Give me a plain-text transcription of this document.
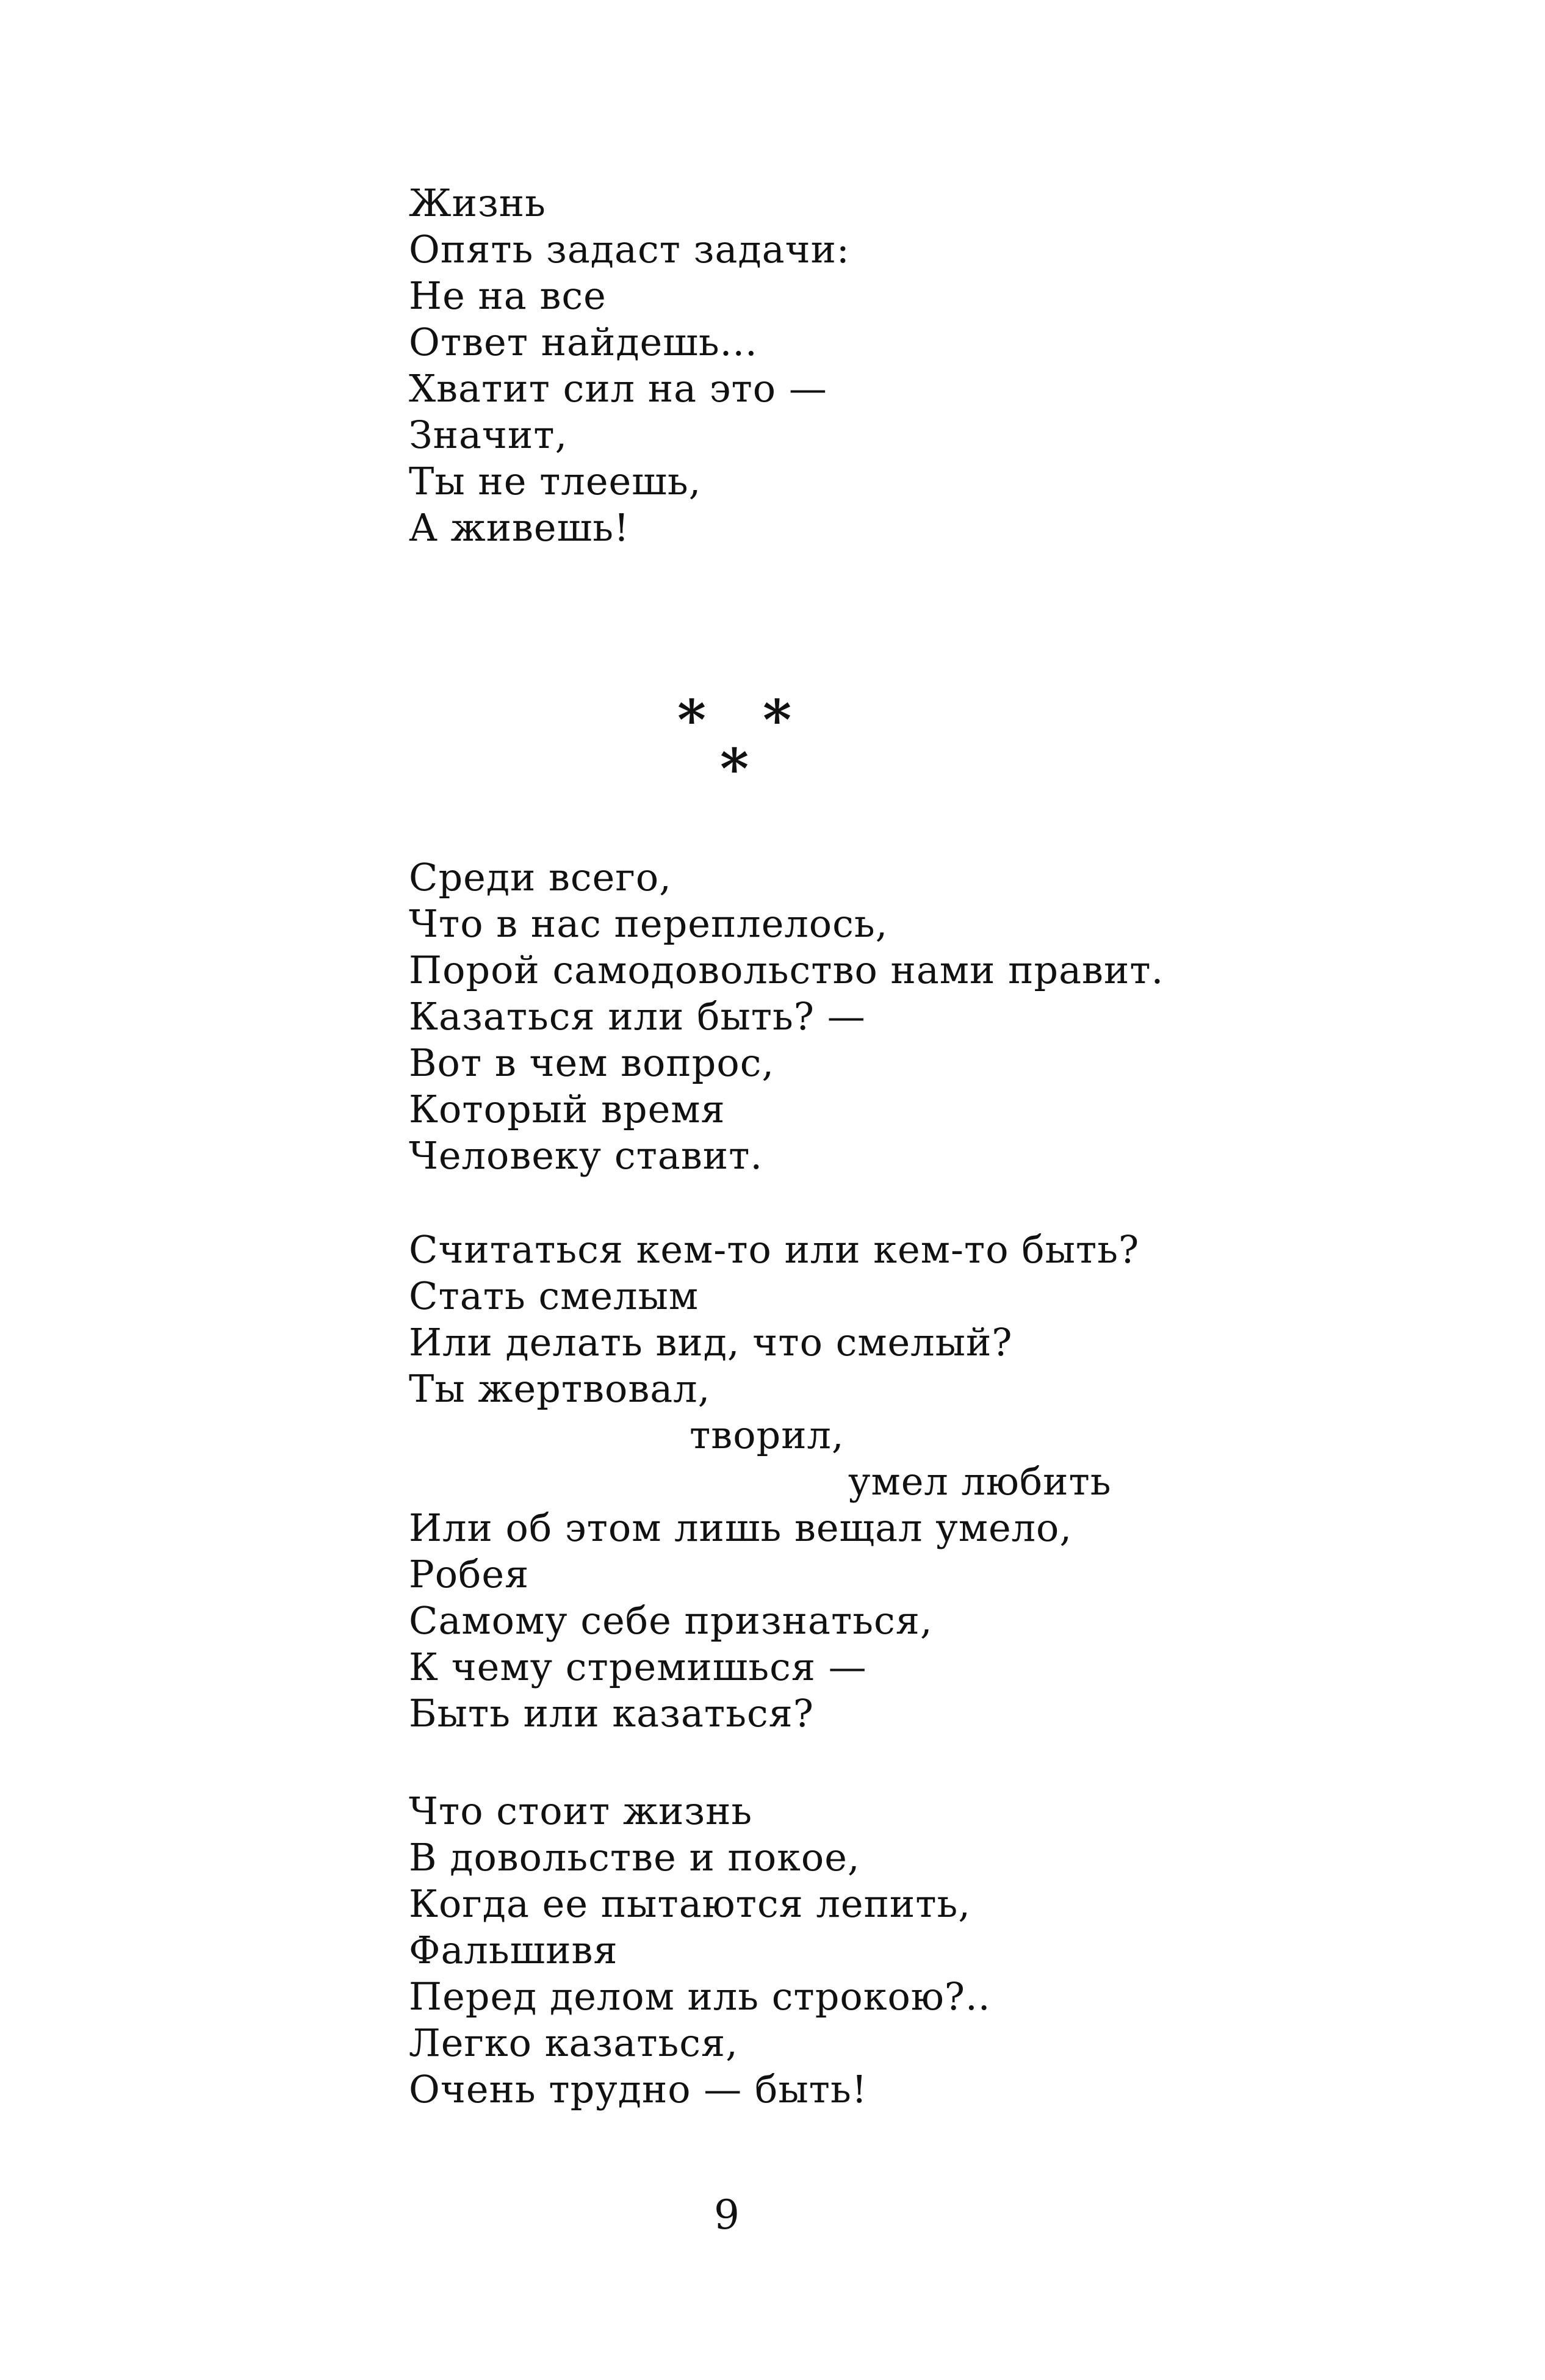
Жизнь
Опять задаст задачи:
Не на все
Ответ найдешь...
Хватит сил на это —
Значит,
Ты не тлеешь,
А живешь!
* *
*
Среди всего,
Что в нас переплелось,
Порой самодовольство нами правит.
Казаться или быть? —
Вот в чем вопрос,
Который время
Человеку ставит.
Считаться кем-то или кем-то быть?
Стать смелым
Или делать вид, что смелый?
Ты жертвовал,
творил,
умел любить
Или об этом лишь вещал умело,
Робея
Самому себе признаться,
К чему стремишься —
Быть или казаться?
Что стоит жизнь
В довольстве и покое,
Когда ее пытаются лепить,
Фальшивя
Перед делом иль строкою?..
Легко казаться,
Очень трудно — быть!
9
